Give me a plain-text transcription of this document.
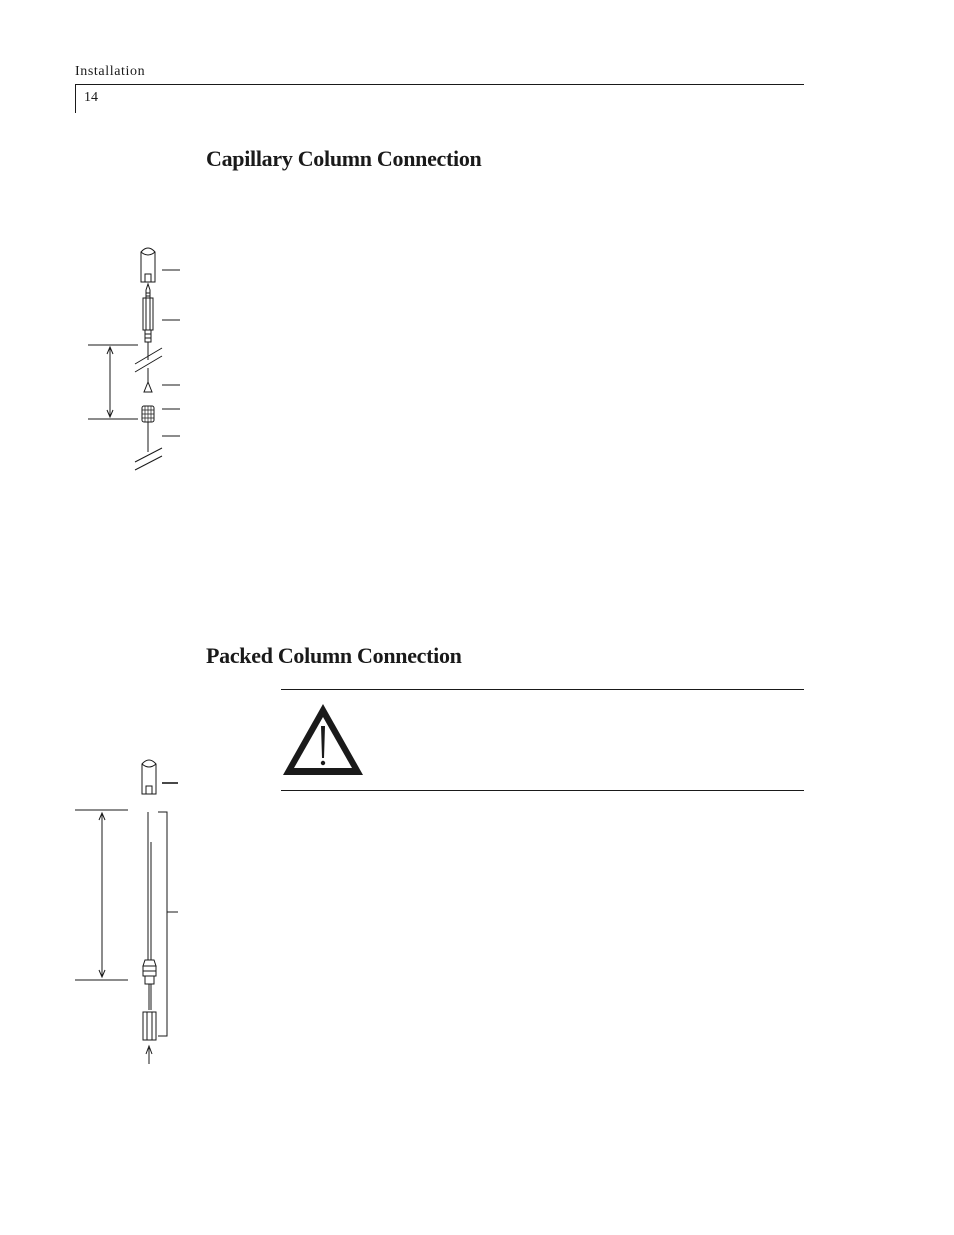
Installation
14
Capillary Column Connection
Packed Column Connection
